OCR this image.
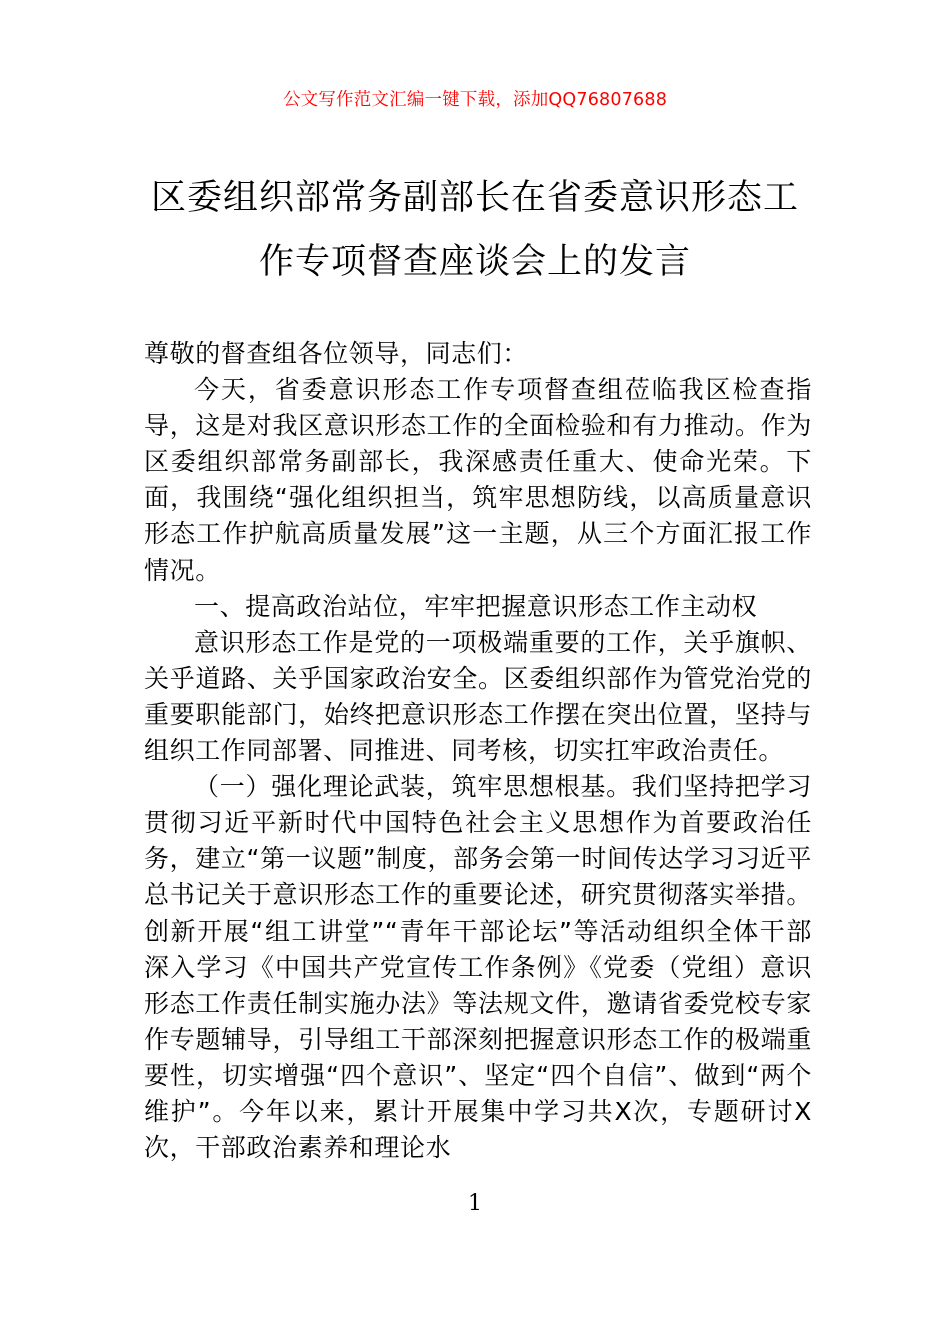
公文写作范文汇编一键下载，添加QQ76807688
区委组织部常务副部长在省委意识形态工
作专项督查座谈会上的发言

尊敬的督查组各位领导，同志们：

今天，省委意识形态工作专项督查组莅临我区检查指导，这是对我区意识形态工作的全面检验和有力推动。作为区委组织部常务副部长，我深感责任重大、使命光荣。下面，我围绕“强化组织担当，筑牢思想防线，以高质量意识形态工作护航高质量发展”这一主题，从三个方面汇报工作情况。

一、提高政治站位，牢牢把握意识形态工作主动权

意识形态工作是党的一项极端重要的工作，关乎旗帜、关乎道路、关乎国家政治安全。区委组织部作为管党治党的重要职能部门，始终把意识形态工作摆在突出位置，坚持与组织工作同部署、同推进、同考核，切实扛牢政治责任。

（一）强化理论武装，筑牢思想根基。我们坚持把学习贯彻习近平新时代中国特色社会主义思想作为首要政治任务，建立“第一议题”制度，部务会第一时间传达学习习近平总书记关于意识形态工作的重要论述，研究贯彻落实举措。创新开展“组工讲堂”“青年干部论坛”等活动组织全体干部深入学习《中国共产党宣传工作条例》《党委（党组）意识形态工作责任制实施办法》等法规文件，邀请省委党校专家作专题辅导，引导组工干部深刻把握意识形态工作的极端重要性，切实增强“四个意识”、坚定“四个自信”、做到“两个维护”。今年以来，累计开展集中学习共X次，专题研讨X次，干部政治素养和理论水

1
